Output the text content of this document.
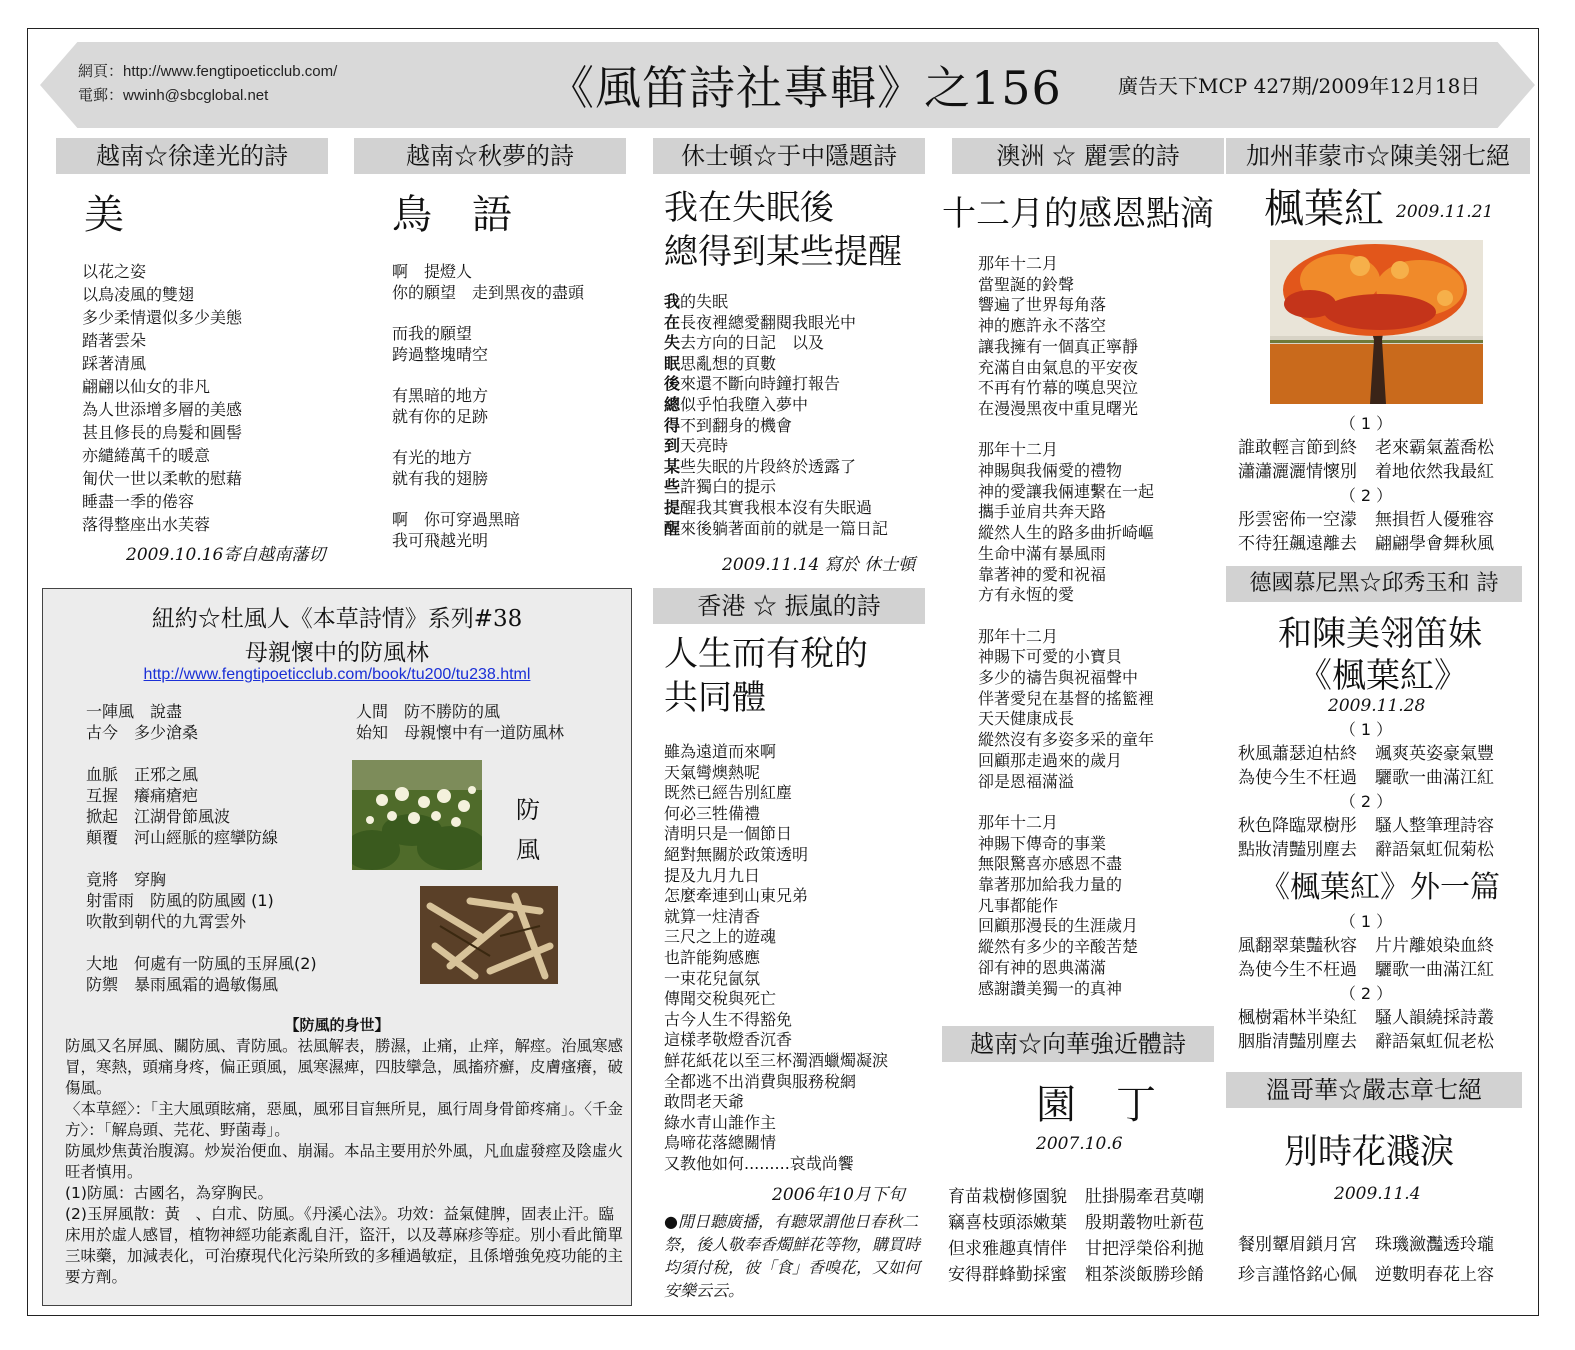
網頁：http://www.fengtipoeticclub.com/
電郵：wwinh@sbcglobal.net	《風笛詩社專輯》之156	廣告天下MCP 427期/2009年12月18日
越南☆徐達光的詩
美
以花之姿
以鳥凌風的雙翅
多少柔情還似多少美態
踏著雲朵
踩著清風
翩翩以仙女的非凡
為人世添增多層的美感
甚且修長的烏髮和圓髻
亦繾綣萬千的暖意
匍伏一世以柔軟的慰藉
睡盡一季的倦容
落得整座出水芙蓉
2009.10.16寄自越南藩切
越南☆秋夢的詩
鳥　語
啊　提燈人
你的願望　走到黑夜的盡頭
而我的願望
跨過整塊晴空
有黑暗的地方
就有你的足跡
有光的地方
就有我的翅膀
啊　你可穿過黑暗
我可飛越光明
紐約☆杜風人《本草詩情》系列#38
母親懷中的防風林
http://www.fengtipoeticclub.com/book/tu200/tu238.html
一陣風　說盡
古今　多少滄桑
血脈　正邪之風
互握　癢痛瘡疤
掀起　江湖骨節風波
顛覆　河山經脈的痙攣防線
竟將　穿胸
射雷雨　防風的防風國 (1)
吹散到朝代的九霄雲外
大地　何處有一防風的玉屏風(2)
防禦　暴雨風霜的過敏傷風
人間　防不勝防的風
始知　母親懷中有一道防風林
防
風
【防風的身世】

防風又名屏風、關防風、青防風。祛風解表，勝濕，止痛，止痒，解痙。治風寒感冒，寒熱，頭痛身疼，偏正頭風，風寒濕痺，四肢攣急，風搐疥癬，皮膚瘙癢，破傷風。

〈本草經〉：「主大風頭眩痛，惡風，風邪目盲無所見，風行周身骨節疼痛」。〈千金方〉：「解烏頭、芫花、野菌毒」。

防風炒焦黃治腹瀉。炒炭治便血、崩漏。本品主要用於外風，凡血虛發痙及陰虛火旺者慎用。

(1)防風：古國名，為穿胸民。

(2)玉屏風散：黃　、白朮、防風。《丹溪心法》。功效：益氣健脾，固表止汗。臨床用於虛人感冒，植物神經功能紊亂自汗，盜汗，以及蕁麻疹等症。別小看此簡單三味藥，加減表化，可治療現代化污染所致的多種過敏症，且係增強免疫功能的主要方劑。

休士頓☆于中隱題詩
我在失眠後
總得到某些提醒
我的失眠
在長夜裡總愛翻閱我眼光中
失去方向的日記　以及
眠思亂想的頁數
後來還不斷向時鐘打報告
總似乎怕我墮入夢中
得不到翻身的機會
到天亮時
某些失眠的片段終於透露了
些許獨白的提示
提醒我其實我根本沒有失眠過
醒來後躺著面前的就是一篇日記
2009.11.14 寫於 休士頓
香港 ☆ 振嵐的詩
人生而有稅的
共同體
雖為遠道而來啊
天氣彎燠熱呢
既然已經告別紅塵
何必三牲備禮
清明只是一個節日
絕對無關於政策透明
提及九月九日
怎麼牽連到山東兄弟
就算一炷清香
三尺之上的遊魂
也許能夠感應
一束花兒氤氛
傳聞交稅與死亡
古今人生不得豁免
這樣孝敬燈香沉香
鮮花紙花以至三杯濁酒蠟燭凝淚
全都逃不出消費與服務稅網
敢問老天爺
綠水青山誰作主
鳥啼花落總關情
又教他如何.........哀哉尚饗
2006年10月下旬
●閒日聽廣播，有聽眾謂他日春秋二祭，後人敬奉香燭鮮花等物，購買時均須付稅，彼「食」香嗅花，又如何安樂云云。
澳洲 ☆ 麗雲的詩
十二月的感恩點滴
那年十二月
當聖誕的鈴聲
響遍了世界每角落
神的應許永不落空
讓我擁有一個真正寧靜
充滿自由氣息的平安夜
不再有竹幕的嘆息哭泣
在漫漫黑夜中重見曙光
那年十二月
神賜與我倆愛的禮物
神的愛讓我倆連繫在一起
攜手並肩共奔天路
縱然人生的路多曲折崎嶇
生命中滿有暴風雨
靠著神的愛和祝福
方有永恆的愛
那年十二月
神賜下可愛的小寶貝
多少的禱告與祝福聲中
伴著愛兒在基督的搖籃裡
天天健康成長
縱然沒有多姿多采的童年
回顧那走過來的歲月
卻是恩福滿溢
那年十二月
神賜下傳奇的事業
無限驚喜亦感恩不盡
靠著那加給我力量的
凡事都能作
回顧那漫長的生涯歲月
縱然有多少的辛酸苦楚
卻有神的恩典滿滿
感謝讚美獨一的真神
越南☆向華強近體詩
園　丁
2007.10.6
育苗栽樹修園貌 肚掛腸牽君莫嘲
竊喜枝頭添嫩葉 殷期叢物吐新苞
但求雅趣真情伴 甘把浮榮俗利拋
安得群蜂勤採蜜 粗茶淡飯勝珍餚
加州菲蒙市☆陳美翎七絕
楓葉紅 2009.11.21
（ 1 ）
誰敢輕言節到終 老來霸氣蓋喬松
瀟瀟灑灑情懷別 着地依然我最紅
（ 2 ）
彤雲密佈一空濛 無損哲人優雅容
不待狂飆遠離去 翩翩學會舞秋風
德國慕尼黑☆邱秀玉和 詩
和陳美翎笛妹
《楓葉紅》
2009.11.28
（ 1 ）
秋風蕭瑟迫枯終 颯爽英姿豪氣豐
為使今生不枉過 驪歌一曲滿江紅
（ 2 ）
秋色降臨眾樹彤 騷人整筆理詩容
點妝清豔別塵去 辭語氣虹侃菊松
《楓葉紅》外一篇
（ 1 ）
風翻翠葉豔秋容 片片離娘染血終
為使今生不枉過 驪歌一曲滿江紅
（ 2 ）
楓樹霜林半染紅 騷人韻繞採詩叢
胭脂清豔別塵去 辭語氣虹侃老松
溫哥華☆嚴志章七絕
別時花濺淚
2009.11.4
餐別顰眉鎖月宮 珠璣瀲灩透玲瓏
珍言謹恪銘心佩 逆數明春花上容
